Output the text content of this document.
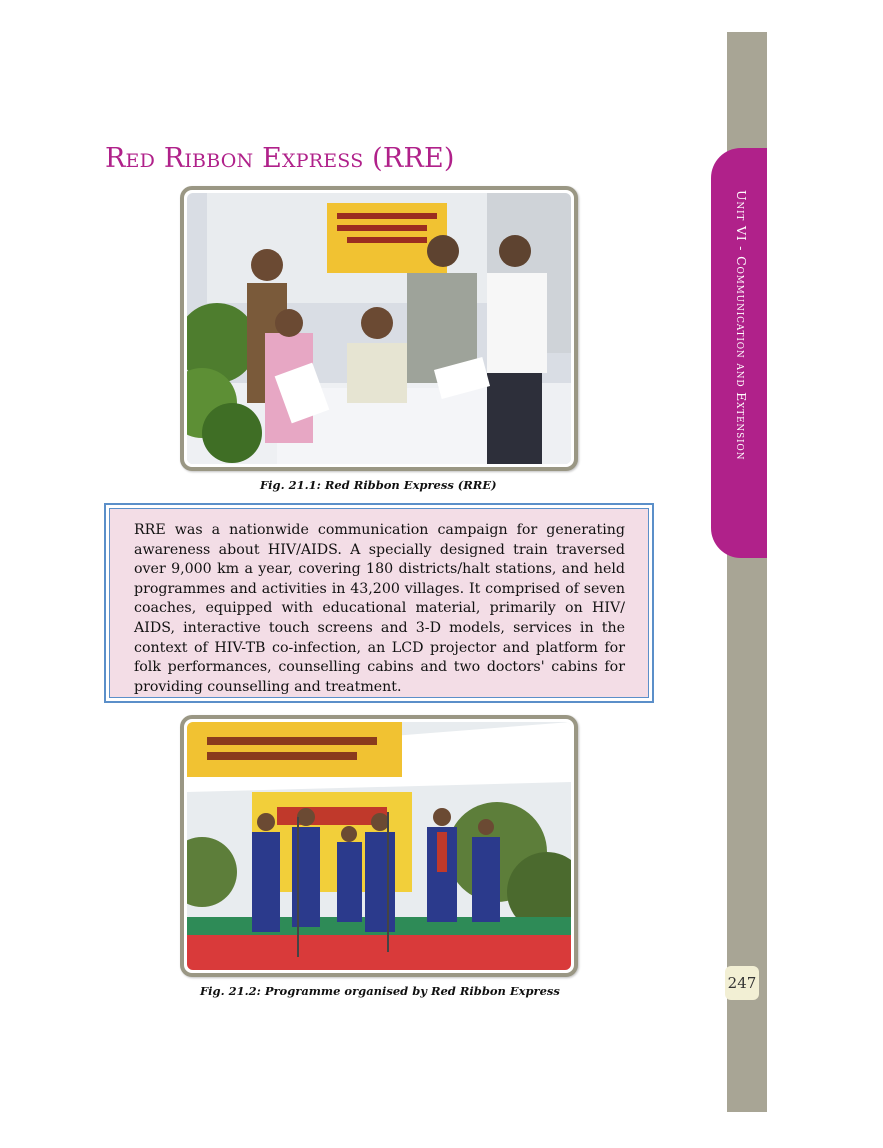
Unit VI - Communication and Extension
247
Red Ribbon Express (RRE)
Fig. 21.1: Red Ribbon Express (RRE)

RRE was a nationwide communication campaign for generating awareness about HIV/AIDS. A specially designed train traversed over 9,000 km a year, covering 180 districts/halt stations, and held programmes and activities in 43,200 villages. It comprised of seven coaches, equipped with educational material, primarily on HIV/ AIDS, interactive touch screens and 3-D models, services in the context of HIV-TB co-infection, an LCD projector and platform for folk performances, counselling cabins and two doctors' cabins for providing counselling and treatment.

Fig. 21.2: Programme organised by Red Ribbon Express
